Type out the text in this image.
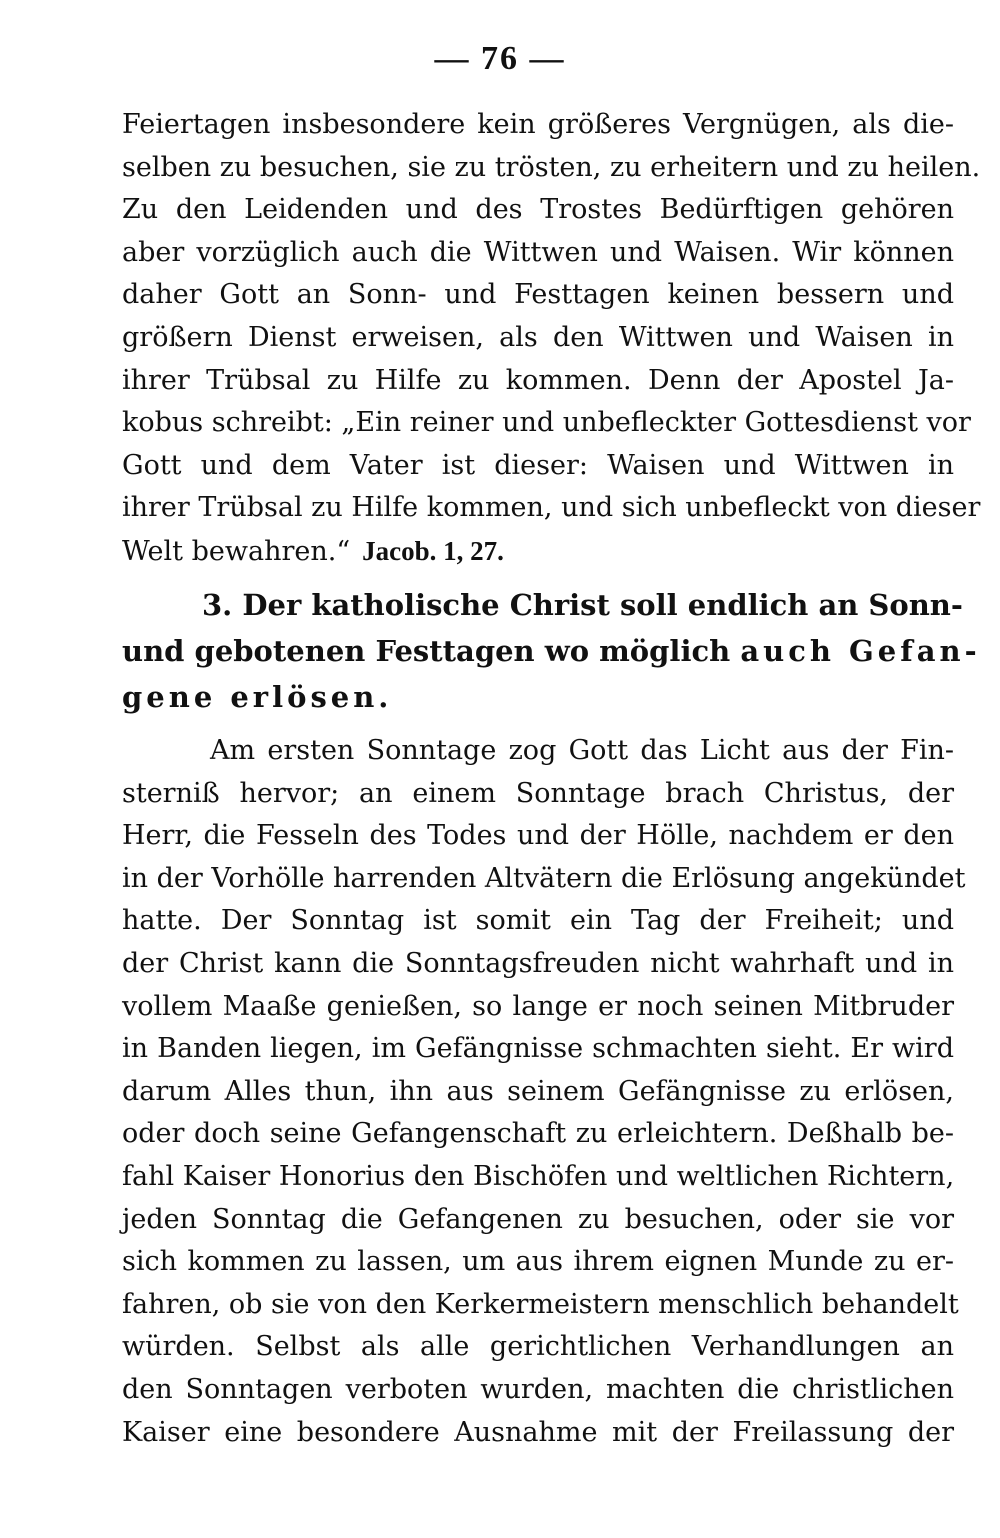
— 76 —
Feiertagen insbesondere kein größeres Vergnügen, als die-
selben zu besuchen, sie zu trösten, zu erheitern und zu heilen.
Zu den Leidenden und des Trostes Bedürftigen gehören
aber vorzüglich auch die Wittwen und Waisen. Wir können
daher Gott an Sonn- und Festtagen keinen bessern und
größern Dienst erweisen, als den Wittwen und Waisen in
ihrer Trübsal zu Hilfe zu kommen. Denn der Apostel Ja-
kobus schreibt: „Ein reiner und unbefleckter Gottesdienst vor
Gott und dem Vater ist dieser: Waisen und Wittwen in
ihrer Trübsal zu Hilfe kommen, und sich unbefleckt von dieser
Welt bewahren.“ Jacob. 1, 27.
3. Der katholische Christ soll endlich an Sonn-
und gebotenen Festtagen wo möglich auch Gefan-
gene erlösen.
Am ersten Sonntage zog Gott das Licht aus der Fin-
sterniß hervor; an einem Sonntage brach Christus, der
Herr, die Fesseln des Todes und der Hölle, nachdem er den
in der Vorhölle harrenden Altvätern die Erlösung angekündet
hatte. Der Sonntag ist somit ein Tag der Freiheit; und
der Christ kann die Sonntagsfreuden nicht wahrhaft und in
vollem Maaße genießen, so lange er noch seinen Mitbruder
in Banden liegen, im Gefängnisse schmachten sieht. Er wird
darum Alles thun, ihn aus seinem Gefängnisse zu erlösen,
oder doch seine Gefangenschaft zu erleichtern. Deßhalb be-
fahl Kaiser Honorius den Bischöfen und weltlichen Richtern,
jeden Sonntag die Gefangenen zu besuchen, oder sie vor
sich kommen zu lassen, um aus ihrem eignen Munde zu er-
fahren, ob sie von den Kerkermeistern menschlich behandelt
würden. Selbst als alle gerichtlichen Verhandlungen an
den Sonntagen verboten wurden, machten die christlichen
Kaiser eine besondere Ausnahme mit der Freilassung der
